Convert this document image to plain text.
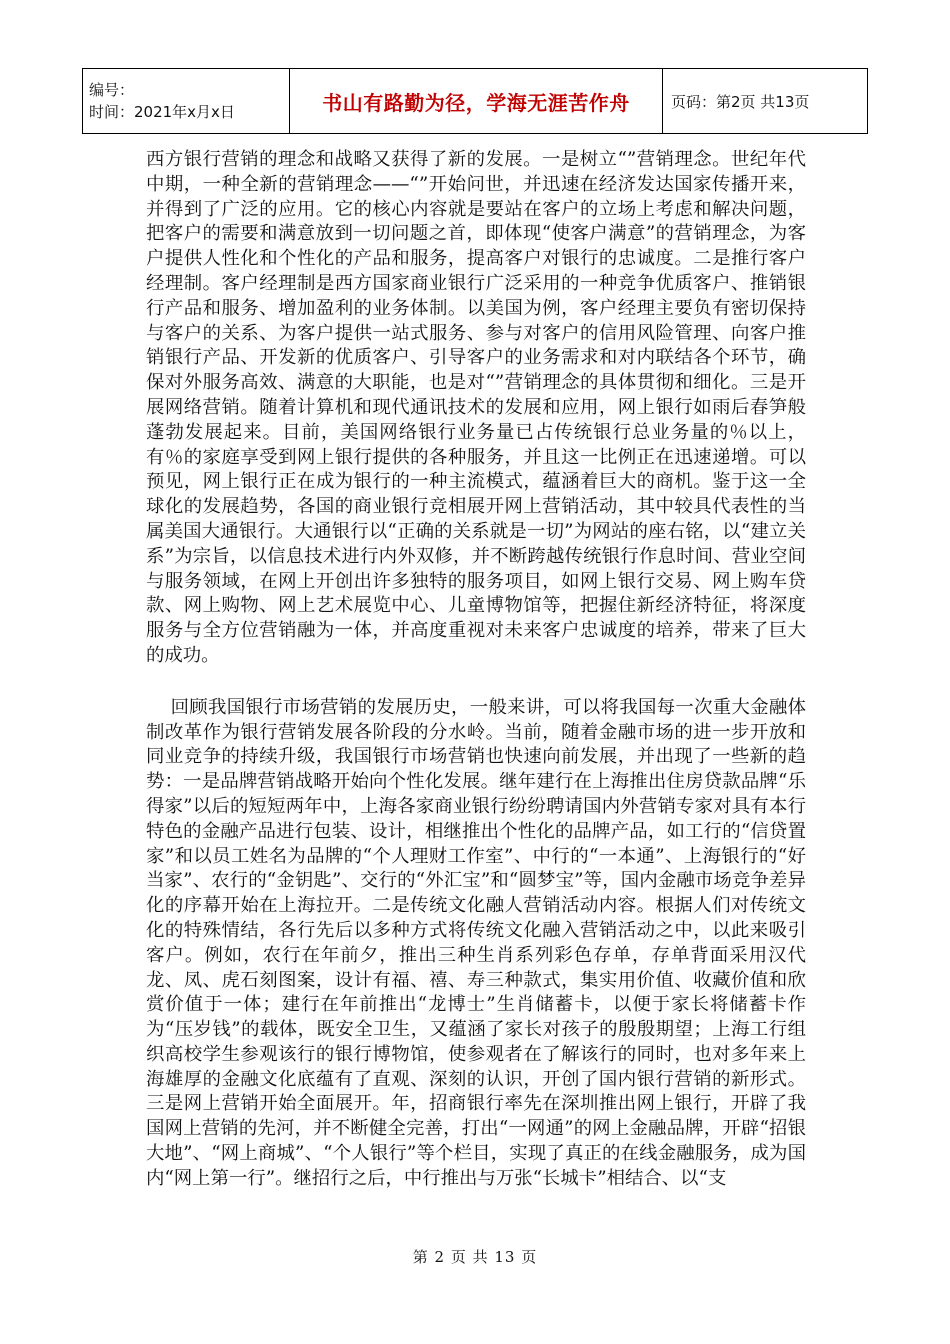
编号：
时间：2021年x月x日	书山有路勤为径，学海无涯苦作舟	页码：第2页 共13页

西方银行营销的理念和战略又获得了新的发展。一是树立“”营销理念。世纪年代中期，一种全新的营销理念——“”开始问世，并迅速在经济发达国家传播开来，并得到了广泛的应用。它的核心内容就是要站在客户的立场上考虑和解决问题，把客户的需要和满意放到一切问题之首，即体现“使客户满意”的营销理念，为客户提供人性化和个性化的产品和服务，提高客户对银行的忠诚度。二是推行客户经理制。客户经理制是西方国家商业银行广泛采用的一种竞争优质客户、推销银行产品和服务、增加盈利的业务体制。以美国为例，客户经理主要负有密切保持与客户的关系、为客户提供一站式服务、参与对客户的信用风险管理、向客户推销银行产品、开发新的优质客户、引导客户的业务需求和对内联结各个环节，确保对外服务高效、满意的大职能，也是对“”营销理念的具体贯彻和细化。三是开展网络营销。随着计算机和现代通讯技术的发展和应用，网上银行如雨后春笋般蓬勃发展起来。目前，美国网络银行业务量已占传统银行总业务量的％以上，有％的家庭享受到网上银行提供的各种服务，并且这一比例正在迅速递增。可以预见，网上银行正在成为银行的一种主流模式，蕴涵着巨大的商机。鉴于这一全球化的发展趋势，各国的商业银行竞相展开网上营销活动，其中较具代表性的当属美国大通银行。大通银行以“正确的关系就是一切”为网站的座右铭，以“建立关系”为宗旨，以信息技术进行内外双修，并不断跨越传统银行作息时间、营业空间与服务领域，在网上开创出许多独特的服务项目，如网上银行交易、网上购车贷款、网上购物、网上艺术展览中心、儿童博物馆等，把握住新经济特征，将深度服务与全方位营销融为一体，并高度重视对未来客户忠诚度的培养，带来了巨大的成功。

回顾我国银行市场营销的发展历史，一般来讲，可以将我国每一次重大金融体制改革作为银行营销发展各阶段的分水岭。当前，随着金融市场的进一步开放和同业竞争的持续升级，我国银行市场营销也快速向前发展，并出现了一些新的趋势：一是品牌营销战略开始向个性化发展。继年建行在上海推出住房贷款品牌“乐得家”以后的短短两年中，上海各家商业银行纷纷聘请国内外营销专家对具有本行特色的金融产品进行包装、设计，相继推出个性化的品牌产品，如工行的“信贷置家”和以员工姓名为品牌的“个人理财工作室”、中行的“一本通”、上海银行的“好当家”、农行的“金钥匙”、交行的“外汇宝”和“圆梦宝”等，国内金融市场竞争差异化的序幕开始在上海拉开。二是传统文化融人营销活动内容。根据人们对传统文化的特殊情结，各行先后以多种方式将传统文化融入营销活动之中，以此来吸引客户。例如，农行在年前夕，推出三种生肖系列彩色存单，存单背面采用汉代龙、凤、虎石刻图案，设计有福、禧、寿三种款式，集实用价值、收藏价值和欣赏价值于一体；建行在年前推出“龙博士”生肖储蓄卡，以便于家长将储蓄卡作为“压岁钱”的载体，既安全卫生，又蕴涵了家长对孩子的殷殷期望；上海工行组织高校学生参观该行的银行博物馆，使参观者在了解该行的同时，也对多年来上海雄厚的金融文化底蕴有了直观、深刻的认识，开创了国内银行营销的新形式。三是网上营销开始全面展开。年，招商银行率先在深圳推出网上银行，开辟了我国网上营销的先河，并不断健全完善，打出“一网通”的网上金融品牌，开辟“招银大地”、“网上商城”、“个人银行”等个栏目，实现了真正的在线金融服务，成为国内“网上第一行”。继招行之后，中行推出与万张“长城卡”相结合、以“支

第 2 页 共 13 页
